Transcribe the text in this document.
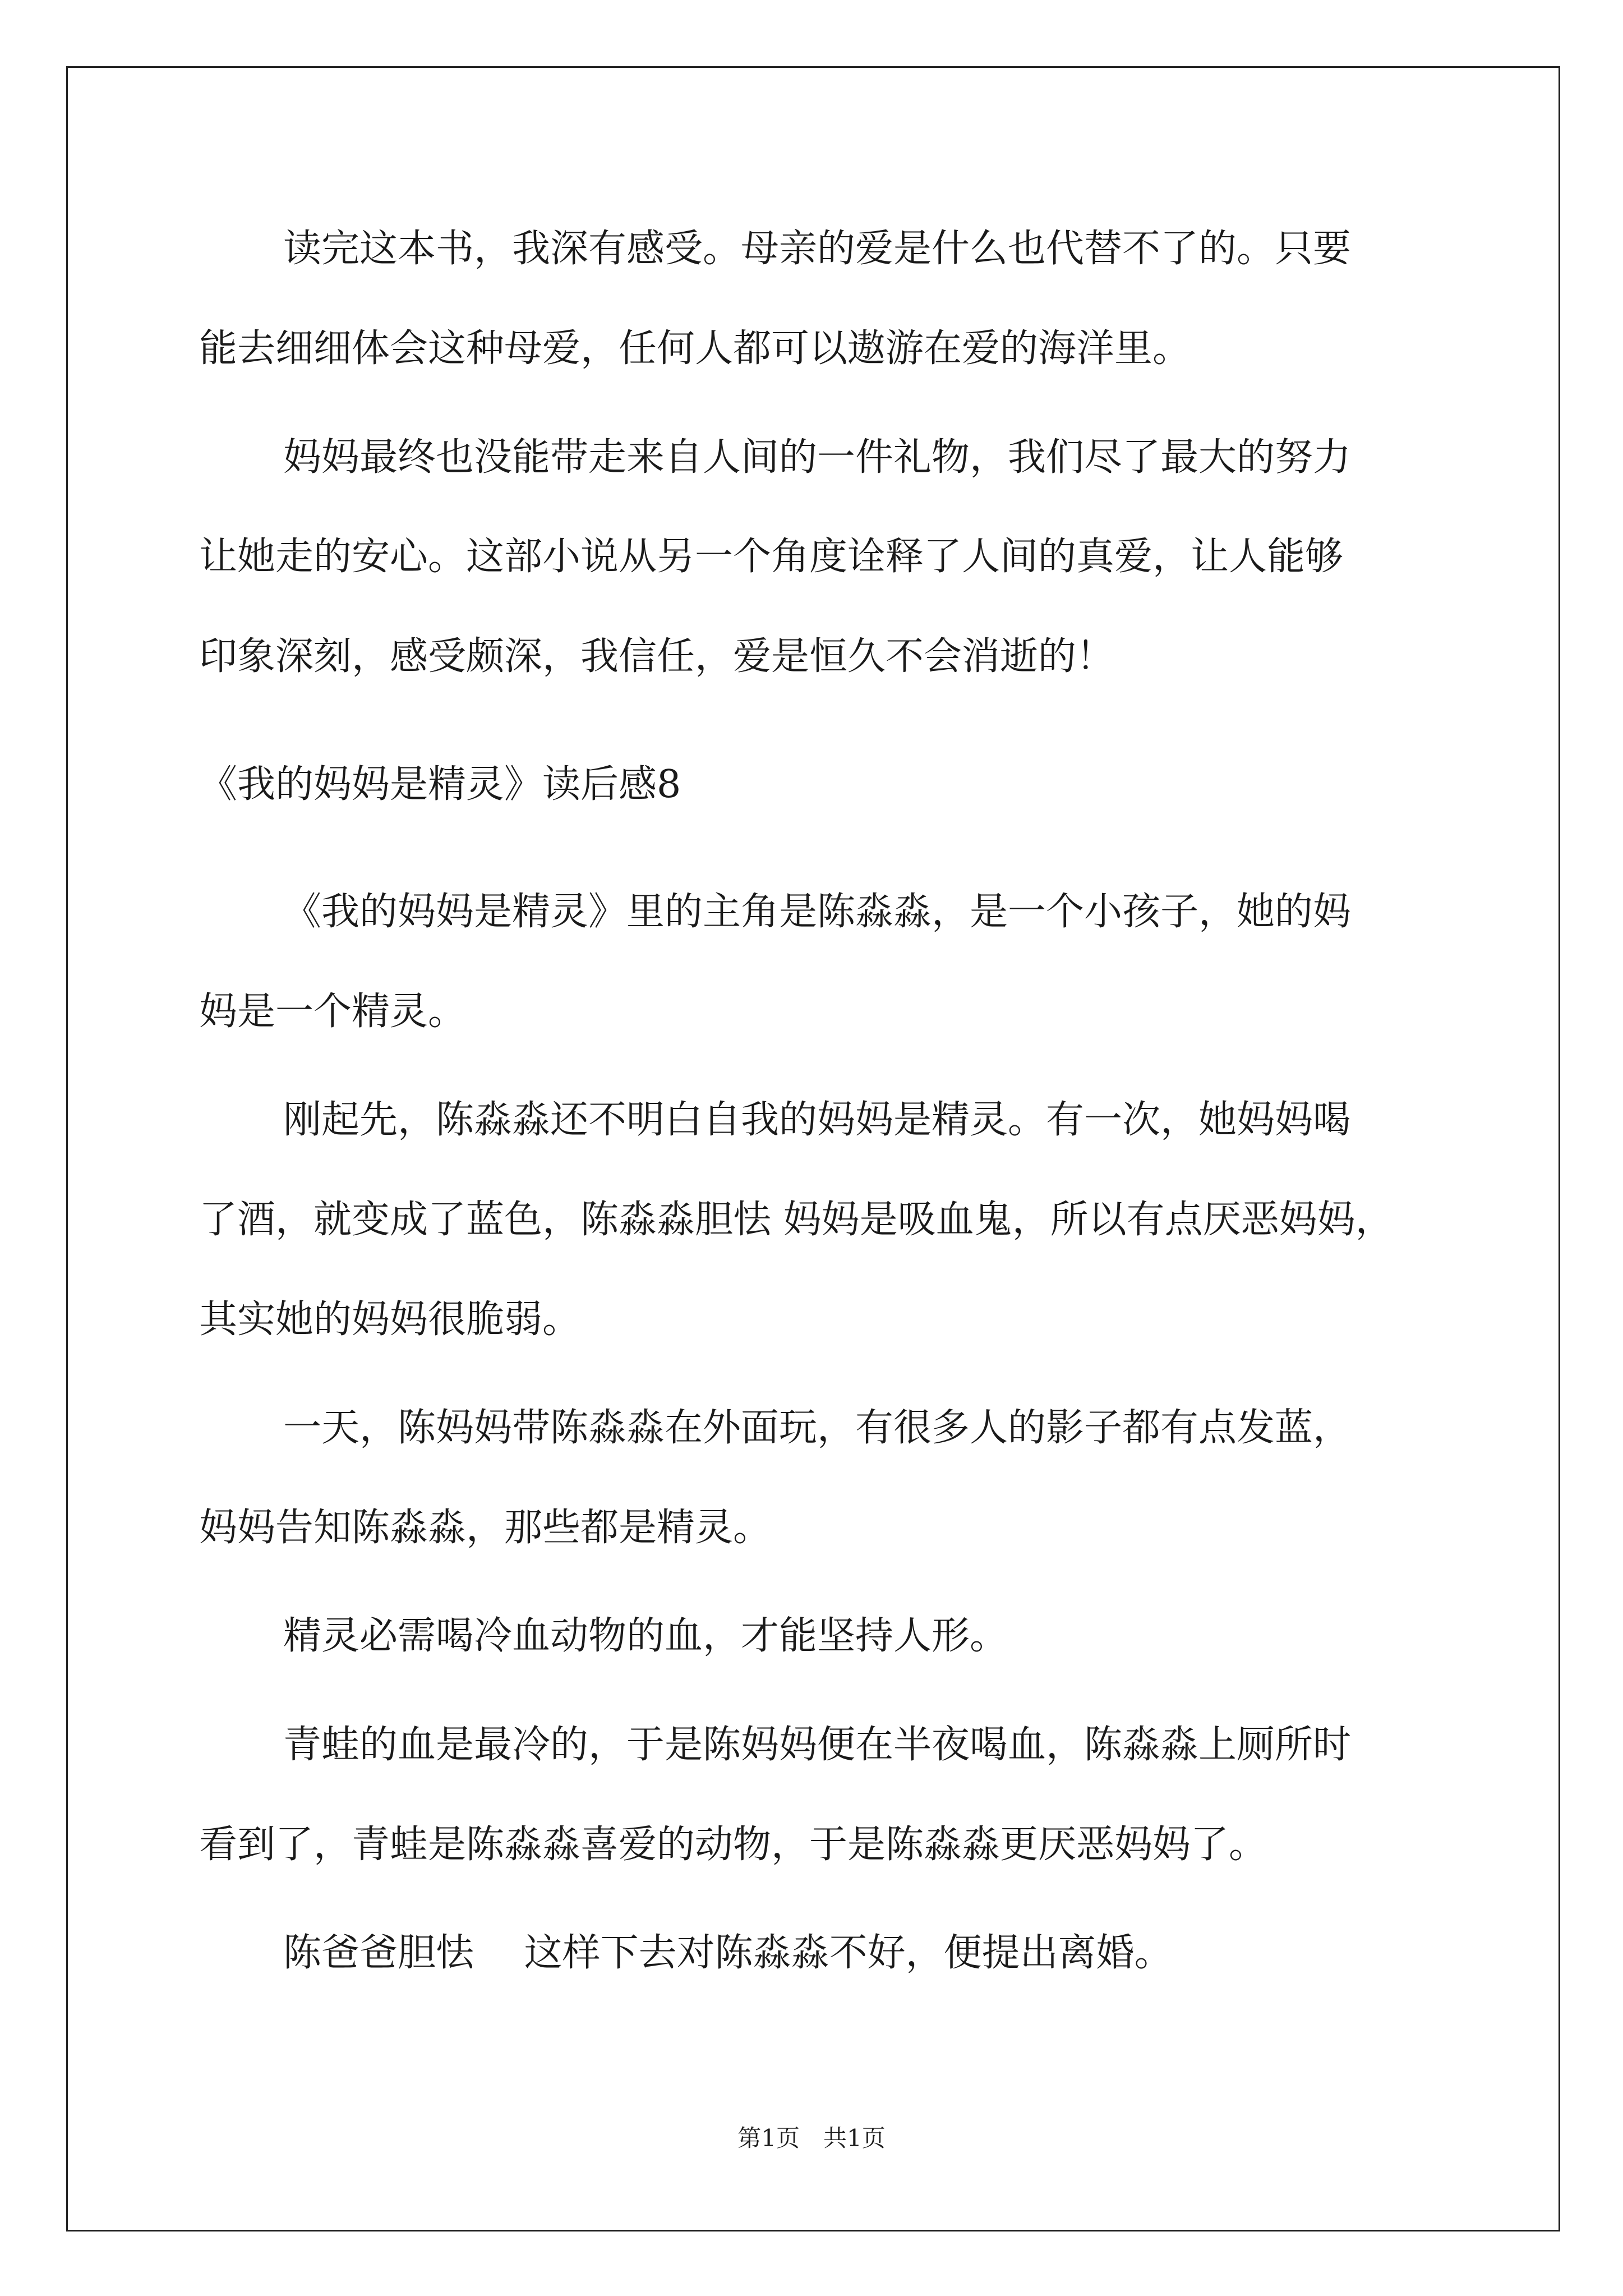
读完这本书，我深有感受。母亲的爱是什么也代替不了的。只要

能去细细体会这种母爱，任何人都可以遨游在爱的海洋里。

妈妈最终也没能带走来自人间的一件礼物，我们尽了最大的努力

让她走的安心。这部小说从另一个角度诠释了人间的真爱，让人能够

印象深刻，感受颇深，我信任，爱是恒久不会消逝的！

《我的妈妈是精灵》读后感8

《我的妈妈是精灵》里的主角是陈淼淼，是一个小孩子，她的妈

妈是一个精灵。

刚起先，陈淼淼还不明白自我的妈妈是精灵。有一次，她妈妈喝

了酒，就变成了蓝色，陈淼淼胆怯 妈妈是吸血鬼，所以有点厌恶妈妈，

其实她的妈妈很脆弱。

一天，陈妈妈带陈淼淼在外面玩，有很多人的影子都有点发蓝，

妈妈告知陈淼淼，那些都是精灵。

精灵必需喝冷血动物的血，才能坚持人形。

青蛙的血是最冷的，于是陈妈妈便在半夜喝血，陈淼淼上厕所时

看到了，青蛙是陈淼淼喜爱的动物，于是陈淼淼更厌恶妈妈了。

陈爸爸胆怯　 这样下去对陈淼淼不好，便提出离婚。

第1页　共1页
